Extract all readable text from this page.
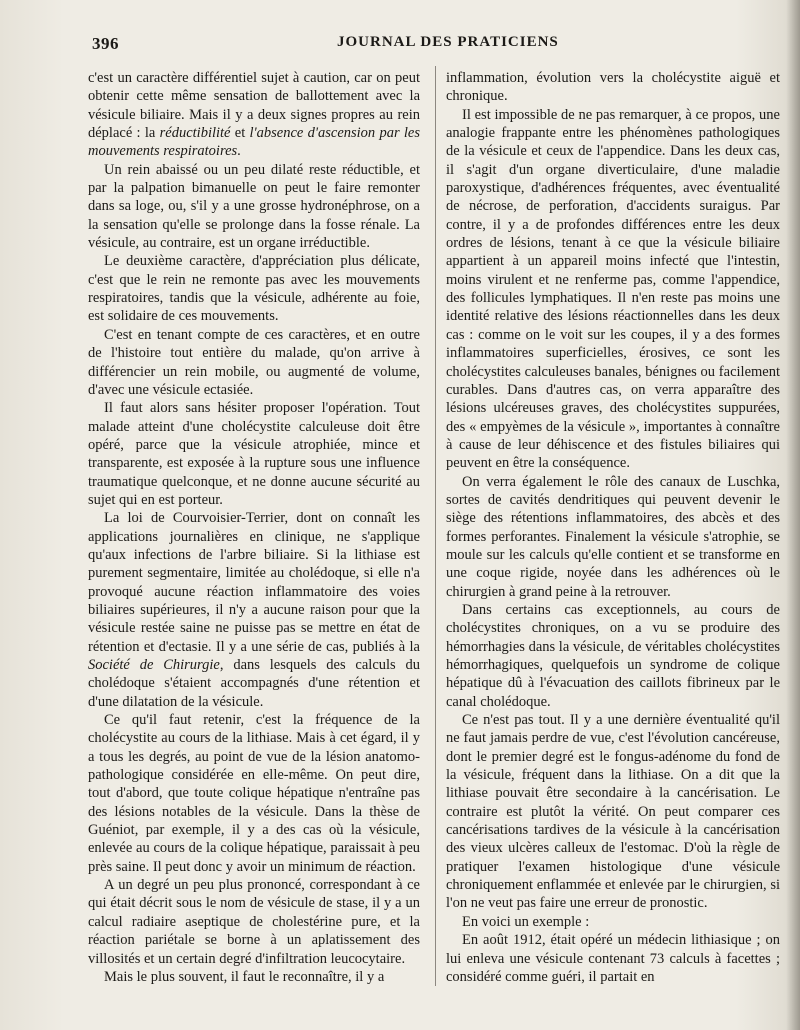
396	JOURNAL DES PRATICIENS

c'est un caractère différentiel sujet à caution, car on peut obtenir cette même sensation de ballottement avec la vésicule biliaire. Mais il y a deux signes propres au rein déplacé : la réductibilité et l'absence d'ascension par les mouvements respiratoires.

Un rein abaissé ou un peu dilaté reste réductible, et par la palpation bimanuelle on peut le faire remonter dans sa loge, ou, s'il y a une grosse hydronéphrose, on a la sensation qu'elle se prolonge dans la fosse rénale. La vésicule, au contraire, est un organe irréductible.

Le deuxième caractère, d'appréciation plus délicate, c'est que le rein ne remonte pas avec les mouvements respiratoires, tandis que la vésicule, adhérente au foie, est solidaire de ces mouvements.

C'est en tenant compte de ces caractères, et en outre de l'histoire tout entière du malade, qu'on arrive à différencier un rein mobile, ou augmenté de volume, d'avec une vésicule ectasiée.

Il faut alors sans hésiter proposer l'opération. Tout malade atteint d'une cholécystite calculeuse doit être opéré, parce que la vésicule atrophiée, mince et transparente, est exposée à la rupture sous une influence traumatique quelconque, et ne donne aucune sécurité au sujet qui en est porteur.

La loi de Courvoisier-Terrier, dont on connaît les applications journalières en clinique, ne s'applique qu'aux infections de l'arbre biliaire. Si la lithiase est purement segmentaire, limitée au cholédoque, si elle n'a provoqué aucune réaction inflammatoire des voies biliaires supérieures, il n'y a aucune raison pour que la vésicule restée saine ne puisse pas se mettre en état de rétention et d'ectasie. Il y a une série de cas, publiés à la Société de Chirurgie, dans lesquels des calculs du cholédoque s'étaient accompagnés d'une rétention et d'une dilatation de la vésicule.

Ce qu'il faut retenir, c'est la fréquence de la cholécystite au cours de la lithiase. Mais à cet égard, il y a tous les degrés, au point de vue de la lésion anatomo-pathologique considérée en elle-même. On peut dire, tout d'abord, que toute colique hépatique n'entraîne pas des lésions notables de la vésicule. Dans la thèse de Guéniot, par exemple, il y a des cas où la vésicule, enlevée au cours de la colique hépatique, paraissait à peu près saine. Il peut donc y avoir un minimum de réaction.

A un degré un peu plus prononcé, correspondant à ce qui était décrit sous le nom de vésicule de stase, il y a un calcul radiaire aseptique de cholestérine pure, et la réaction pariétale se borne à un aplatissement des villosités et un certain degré d'infiltration leucocytaire.

Mais le plus souvent, il faut le reconnaître, il y a

inflammation, évolution vers la cholécystite aiguë et chronique.

Il est impossible de ne pas remarquer, à ce propos, une analogie frappante entre les phénomènes pathologiques de la vésicule et ceux de l'appendice. Dans les deux cas, il s'agit d'un organe diverticulaire, d'une maladie paroxystique, d'adhérences fréquentes, avec éventualité de nécrose, de perforation, d'accidents suraigus. Par contre, il y a de profondes différences entre les deux ordres de lésions, tenant à ce que la vésicule biliaire appartient à un appareil moins infecté que l'intestin, moins virulent et ne renferme pas, comme l'appendice, des follicules lymphatiques. Il n'en reste pas moins une identité relative des lésions réactionnelles dans les deux cas : comme on le voit sur les coupes, il y a des formes inflammatoires superficielles, érosives, ce sont les cholécystites calculeuses banales, bénignes ou facilement curables. Dans d'autres cas, on verra apparaître des lésions ulcéreuses graves, des cholécystites suppurées, des « empyèmes de la vésicule », importantes à connaître à cause de leur déhiscence et des fistules biliaires qui peuvent en être la conséquence.

On verra également le rôle des canaux de Luschka, sortes de cavités dendritiques qui peuvent devenir le siège des rétentions inflammatoires, des abcès et des formes perforantes. Finalement la vésicule s'atrophie, se moule sur les calculs qu'elle contient et se transforme en une coque rigide, noyée dans les adhérences où le chirurgien à grand peine à la retrouver.

Dans certains cas exceptionnels, au cours de cholécystites chroniques, on a vu se produire des hémorrhagies dans la vésicule, de véritables cholécystites hémorrhagiques, quelquefois un syndrome de colique hépatique dû à l'évacuation des caillots fibrineux par le canal cholédoque.

Ce n'est pas tout. Il y a une dernière éventualité qu'il ne faut jamais perdre de vue, c'est l'évolution cancéreuse, dont le premier degré est le fongus-adénome du fond de la vésicule, fréquent dans la lithiase. On a dit que la lithiase pouvait être secondaire à la cancérisation. Le contraire est plutôt la vérité. On peut comparer ces cancérisations tardives de la vésicule à la cancérisation des vieux ulcères calleux de l'estomac. D'où la règle de pratiquer l'examen histologique d'une vésicule chroniquement enflammée et enlevée par le chirurgien, si l'on ne veut pas faire une erreur de pronostic.

En voici un exemple :

En août 1912, était opéré un médecin lithiasique ; on lui enleva une vésicule contenant 73 calculs à facettes ; considéré comme guéri, il partait en
